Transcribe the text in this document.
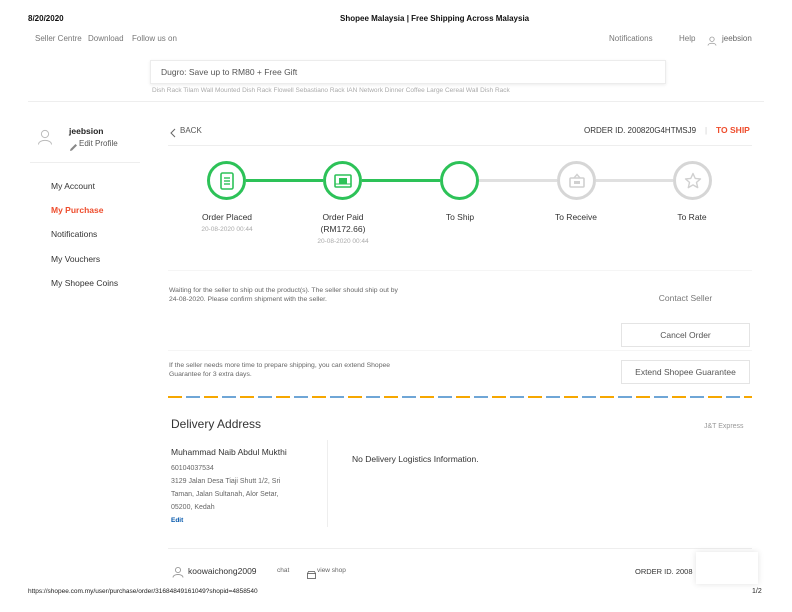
8/20/2020	Shopee Malaysia | Free Shipping Across Malaysia
Seller Centre Download Follow us on	Notifications	Help	jeebsion
Dugro: Save up to RM80 + Free Gift
Dish Rack Tilam Wall Mounted Dish Rack Flowell Sebastiano Rack IAN Network Dinner Coffee Large Cereal Wall Dish Rack
jeebsion
Edit Profile
My Account
My Purchase
Notifications
My Vouchers
My Shopee Coins
BACK	ORDER ID. 200820G4HTMSJ9 | TO SHIP
Order Placed
20-08-2020 00:44
Order Paid
(RM172.66)
20-08-2020 00:44
To Ship	To Receive	To Rate
Waiting for the seller to ship out the product(s). The seller should ship out by 24-08-2020. Please confirm shipment with the seller.	Contact Seller
Cancel Order
If the seller needs more time to prepare shipping, you can extend Shopee Guarantee for 3 extra days.	Extend Shopee Guarantee
Delivery Address	J&T Express
Muhammad Naib Abdul Mukthi
60104037534
3129 Jalan Desa Tiaji Shutt 1/2, Sri
Taman, Jalan Sultanah, Alor Setar,
05200, Kedah
Edit
No Delivery Logistics Information.
koowaichong2009	chat	view shop	ORDER ID. 2008
https://shopee.com.my/user/purchase/order/31684849161049?shopid=4858540	1/2
